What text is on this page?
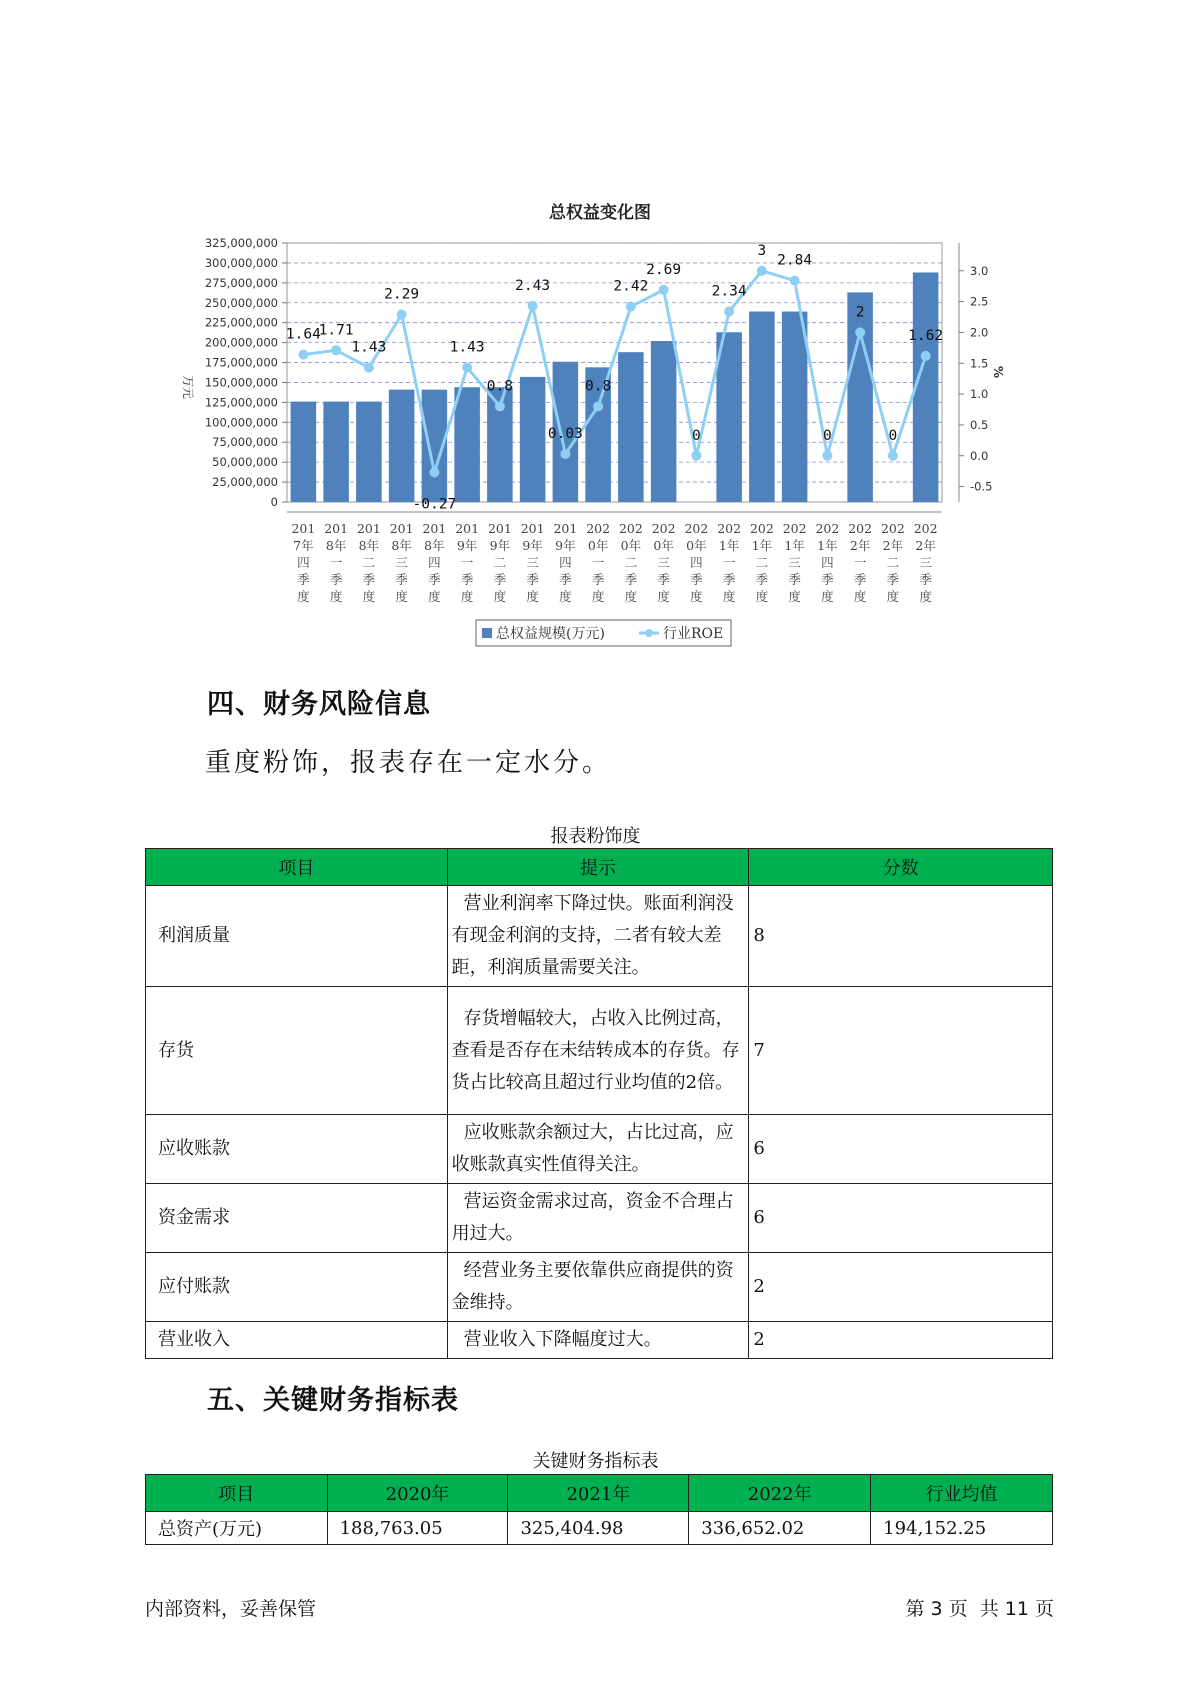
总权益变化图
1.64
1.71
1.43
2.29
-0.27
1.43
0.8
2.43
0.03
0.8
2.42
2.69
0
2.34
3
2.84
0
2
0
1.62
0
25,000,000
50,000,000
75,000,000
100,000,000
125,000,000
150,000,000
175,000,000
200,000,000
225,000,000
250,000,000
275,000,000
300,000,000
325,000,000
万元
-0.5
0.0
0.5
1.0
1.5
2.0
2.5
3.0
%
201 7年四季度
201 8年一季度
201 8年二季度
201 8年三季度
201 8年四季度
201 9年一季度
201 9年二季度
201 9年三季度
201 9年四季度
202 0年一季度
202 0年二季度
202 0年三季度
202 0年四季度
202 1年一季度
202 1年二季度
202 1年三季度
202 1年四季度
202 2年一季度
202 2年二季度
202 2年三季度
总权益规模(万元)	行业ROE
四、财务风险信息
重度粉饰，报表存在一定水分。
报表粉饰度
项目	提示	分数
利润质量	营业利润率下降过快。账面利润没有现金利润的支持，二者有较大差距，利润质量需要关注。	8
存货	存货增幅较大，占收入比例过高，查看是否存在未结转成本的存货。存货占比较高且超过行业均值的2倍。	7
应收账款	应收账款余额过大，占比过高，应收账款真实性值得关注。	6
资金需求	营运资金需求过高，资金不合理占用过大。	6
应付账款	经营业务主要依靠供应商提供的资金维持。	2
营业收入	营业收入下降幅度过大。	2
五、关键财务指标表
关键财务指标表
项目	2020年	2021年	2022年	行业均值
总资产(万元)	188,763.05	325,404.98	336,652.02	194,152.25
内部资料，妥善保管	第 3 页  共 11 页
